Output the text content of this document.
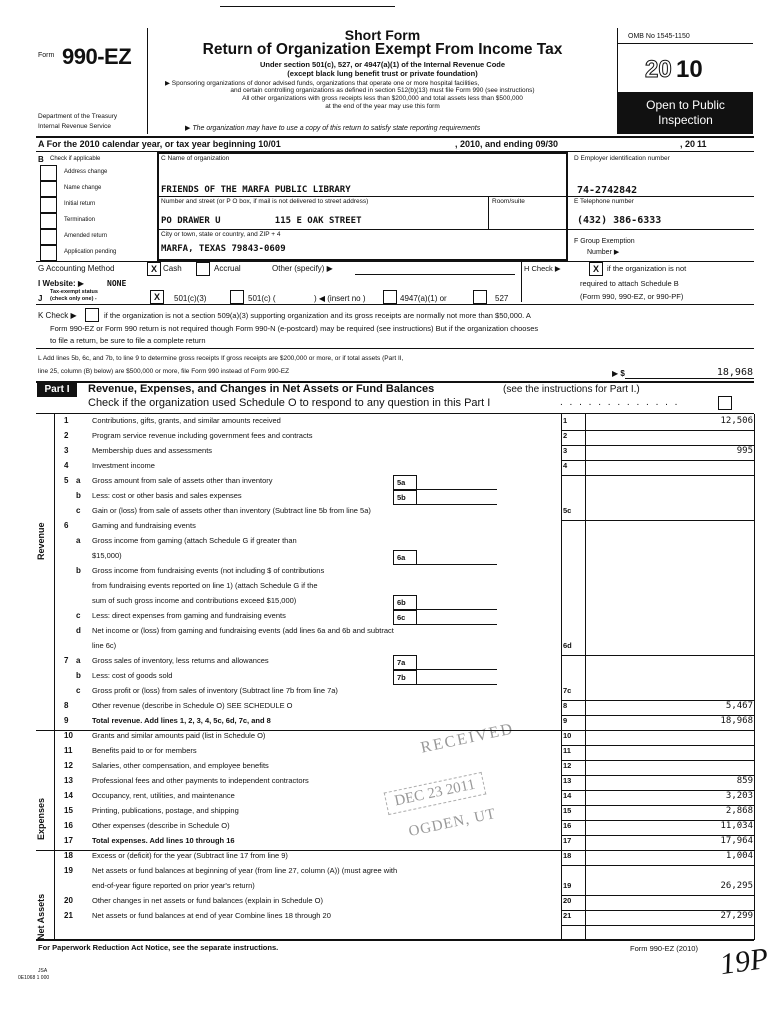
Form 990-EZ
Department of the Treasury
Internal Revenue Service
Short Form
Return of Organization Exempt From Income Tax
Under section 501(c), 527, or 4947(a)(1) of the Internal Revenue Code
(except black lung benefit trust or private foundation)
▶ Sponsoring organizations of donor advised funds, organizations that operate one or more hospital facilities,
and certain controlling organizations as defined in section 512(b)(13) must file Form 990 (see instructions)
All other organizations with gross receipts less than $200,000 and total assets less than $500,000
at the end of the year may use this form
▶ The organization may have to use a copy of this return to satisfy state reporting requirements
OMB No 1545-1150
20 10
Open to Public
Inspection
A For the 2010 calendar year, or tax year beginning 10/01	, 2010, and ending 09/30	, 20 11
B Check if applicable
Address change
Name change
Initial return
Termination
Amended return
Application pending
C Name of organization
FRIENDS OF THE MARFA PUBLIC LIBRARY
Number and street (or P O box, if mail is not delivered to street address)	Room/suite
PO DRAWER U          115 E OAK STREET
City or town, state or country, and ZIP + 4
MARFA, TEXAS 79843-0609
D Employer identification number
74-2742842
E Telephone number
(432) 386-6333
F Group Exemption
Number ▶
G Accounting Method	X Cash	Accrual	Other (specify) ▶	H Check ▶	X	if the organization is not
required to attach Schedule B
(Form 990, 990-EZ, or 990-PF)
I Website: ▶	NONE
J
Tax-exempt status
(check only one) -	X	501(c)(3)	501(c) (	) ◀ (insert no )	4947(a)(1) or	527
K Check ▶	if the organization is not a section 509(a)(3) supporting organization and its gross receipts are normally not more than $50,000. A
Form 990-EZ or Form 990 return is not required though Form 990-N (e-postcard) may be required (see instructions) But if the organization chooses
to file a return, be sure to file a complete return
L Add lines 5b, 6c, and 7b, to line 9 to determine gross receipts If gross receipts are $200,000 or more, or if total assets (Part II,
line 25, column (B) below) are $500,000 or more, file Form 990 instead of Form 990-EZ	▶ $	18,968
Part I	Revenue, Expenses, and Changes in Net Assets or Fund Balances	(see the instructions for Part I.)
Check if the organization used Schedule O to respond to any question in this Part I	. . . . . . . . . . . . .
Revenue
Expenses
Net Assets
1	Contributions, gifts, grants, and similar amounts received	1	12,506
2	Program service revenue including government fees and contracts	2
3	Membership dues and assessments	3	995
4	Investment income	4
5 a	Gross amount from sale of assets other than inventory	5a
b	Less: cost or other basis and sales expenses	5b
c	Gain or (loss) from sale of assets other than inventory (Subtract line 5b from line 5a)	5c
6	Gaming and fundraising events
a	Gross income from gaming (attach Schedule G if greater than
$15,000)	6a
b	Gross income from fundraising events (not including $ of contributions
from fundraising events reported on line 1) (attach Schedule G if the
sum of such gross income and contributions exceed $15,000)	6b
c	Less: direct expenses from gaming and fundraising events	6c
d	Net income or (loss) from gaming and fundraising events (add lines 6a and 6b and subtract
line 6c)	6d
7 a	Gross sales of inventory, less returns and allowances	7a
b	Less: cost of goods sold	7b
c	Gross profit or (loss) from sales of inventory (Subtract line 7b from line 7a)	7c
8	Other revenue (describe in Schedule O) SEE SCHEDULE O	8	5,467
9	Total revenue. Add lines 1, 2, 3, 4, 5c, 6d, 7c, and 8	9	18,968
10	Grants and similar amounts paid (list in Schedule O)	10
11	Benefits paid to or for members	11
12	Salaries, other compensation, and employee benefits	12
13	Professional fees and other payments to independent contractors	13	859
14	Occupancy, rent, utilities, and maintenance	14	3,203
15	Printing, publications, postage, and shipping	15	2,868
16	Other expenses (describe in Schedule O)	16	11,034
17	Total expenses. Add lines 10 through 16	17	17,964
18	Excess or (deficit) for the year (Subtract line 17 from line 9)	18	1,004
19	Net assets or fund balances at beginning of year (from line 27, column (A)) (must agree with
end-of-year figure reported on prior year's return)	19	26,295
20	Other changes in net assets or fund balances (explain in Schedule O)	20
21	Net assets or fund balances at end of year Combine lines 18 through 20	21	27,299
RECEIVED
DEC 23 2011
OGDEN, UT
For Paperwork Reduction Act Notice, see the separate instructions.	Form 990-EZ (2010)
JSA
0E1068 1 000	19P
